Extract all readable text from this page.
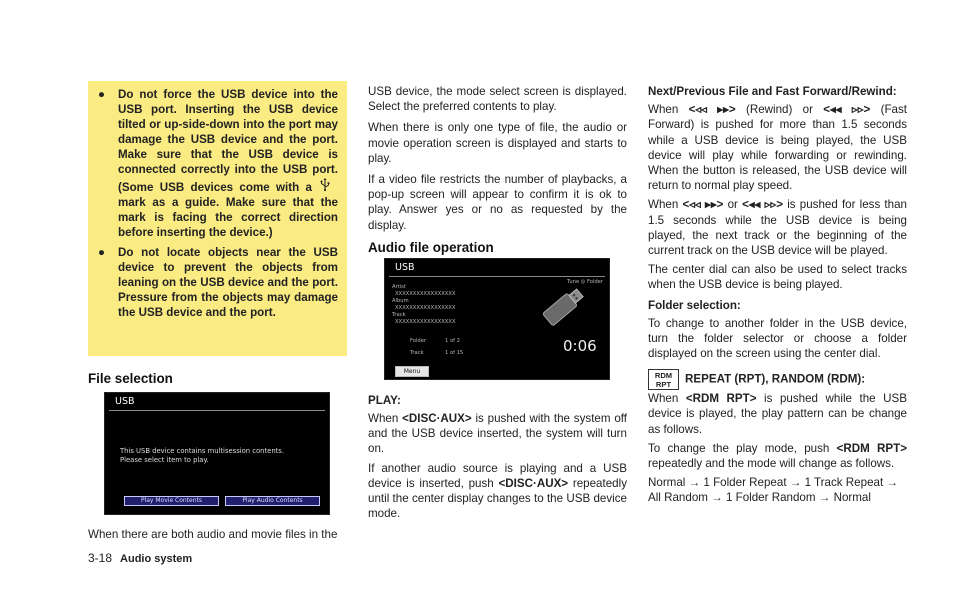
● Do not force the USB device into the USB port. Inserting the USB device tilted or up-side-down into the port may damage the USB device and the port. Make sure that the USB device is connected correctly into the USB port. (Some USB devices come with amark as a guide. Make sure that the mark is facing the correct direction before inserting the device.)
● Do not locate objects near the USB device to prevent the objects from leaning on the USB device and the port. Pressure from the objects may damage the USB device and the port.
File selection
USB
This USB device contains multisession contents.
Please select item to play.
Play Movie Contents	Play Audio Contents

When there are both audio and movie files in the

USB device, the mode select screen is displayed. Select the preferred contents to play.

When there is only one type of file, the audio or movie operation screen is displayed and starts to play.

If a video file restricts the number of playbacks, a pop-up screen will appear to confirm it is ok to play. Answer yes or no as requested by the display.

Audio file operation
USB
Tune ◎ Folder
Artist
XXXXXXXXXXXXXXXXX
Album
XXXXXXXXXXXXXXXXX
Track
XXXXXXXXXXXXXXXXX
Folder	1 of 2
Track	1 of 15	0:06
Menu
PLAY:

When <DISC·AUX> is pushed with the system off and the USB device inserted, the system will turn on.

If another audio source is playing and a USB device is inserted, push <DISC·AUX> repeatedly until the center display changes to the USB device mode.

Next/Previous File and Fast Forward/Rewind:

When <◃◃ ▸▸> (Rewind) or <◂◂ ▹▹> (Fast Forward) is pushed for more than 1.5 seconds while a USB device is being played, the USB device will play while forwarding or rewinding. When the button is released, the USB device will return to normal play speed.

When <◃◃ ▸▸> or <◂◂ ▹▹> is pushed for less than 1.5 seconds while the USB device is being played, the next track or the beginning of the current track on the USB device will be played.

The center dial can also be used to select tracks when the USB device is being played.

Folder selection:

To change to another folder in the USB device, turn the folder selector or choose a folder displayed on the screen using the center dial.

RDM
RPT REPEAT (RPT), RANDOM (RDM):

When <RDM RPT> is pushed while the USB device is played, the play pattern can be change as follows.

To change the play mode, push <RDM RPT> repeatedly and the mode will change as follows.

Normal → 1 Folder Repeat → 1 Track Repeat → All Random → 1 Folder Random → Normal

3-18 Audio system
